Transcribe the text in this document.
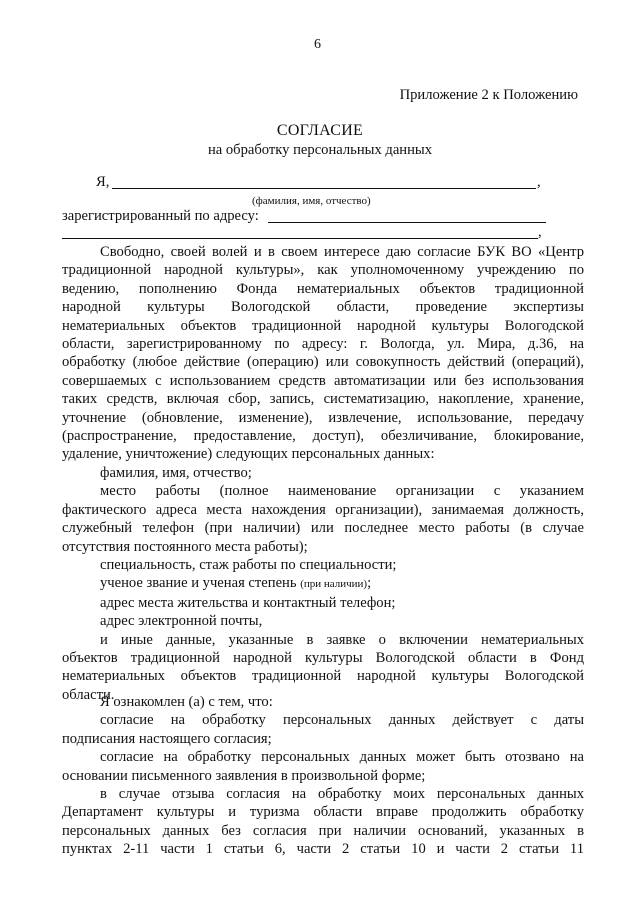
6
Приложение 2 к Положению
СОГЛАСИЕ
на обработку персональных данных
Я,	,
(фамилия, имя, отчество)
зарегистрированный по адресу:
,
Свободно, своей волей и в своем интересе даю согласие БУК ВО «Центр
традиционной народной культуры», как уполномоченному учреждению по
ведению, пополнению Фонда нематериальных объектов традиционной
народной культуры Вологодской области, проведение экспертизы
нематериальных объектов традиционной народной культуры Вологодской
области, зарегистрированному по адресу: г. Вологда, ул. Мира, д.36, на
обработку (любое действие (операцию) или совокупность действий (операций),
совершаемых с использованием средств автоматизации или без использования
таких средств, включая сбор, запись, систематизацию, накопление, хранение,
уточнение (обновление, изменение), извлечение, использование, передачу
(распространение, предоставление, доступ), обезличивание, блокирование,
удаление, уничтожение) следующих персональных данных:
фамилия, имя, отчество;
место работы (полное наименование организации с указанием
фактического адреса места нахождения организации), занимаемая должность,
служебный телефон (при наличии) или последнее место работы (в случае
отсутствия постоянного места работы);
специальность, стаж работы по специальности;
ученое звание и ученая степень (при наличии);
адрес места жительства и контактный телефон;
адрес электронной почты,
и иные данные, указанные в заявке о включении нематериальных
объектов традиционной народной культуры Вологодской области в Фонд
нематериальных объектов традиционной народной культуры Вологодской
области.
Я ознакомлен (а) с тем, что:
согласие на обработку персональных данных действует с даты
подписания настоящего согласия;
согласие на обработку персональных данных может быть отозвано на
основании письменного заявления в произвольной форме;
в случае отзыва согласия на обработку моих персональных данных
Департамент культуры и туризма области вправе продолжить обработку
персональных данных без согласия при наличии оснований, указанных в
пунктах 2-11 части 1 статьи 6, части 2 статьи 10 и части 2 статьи 11
